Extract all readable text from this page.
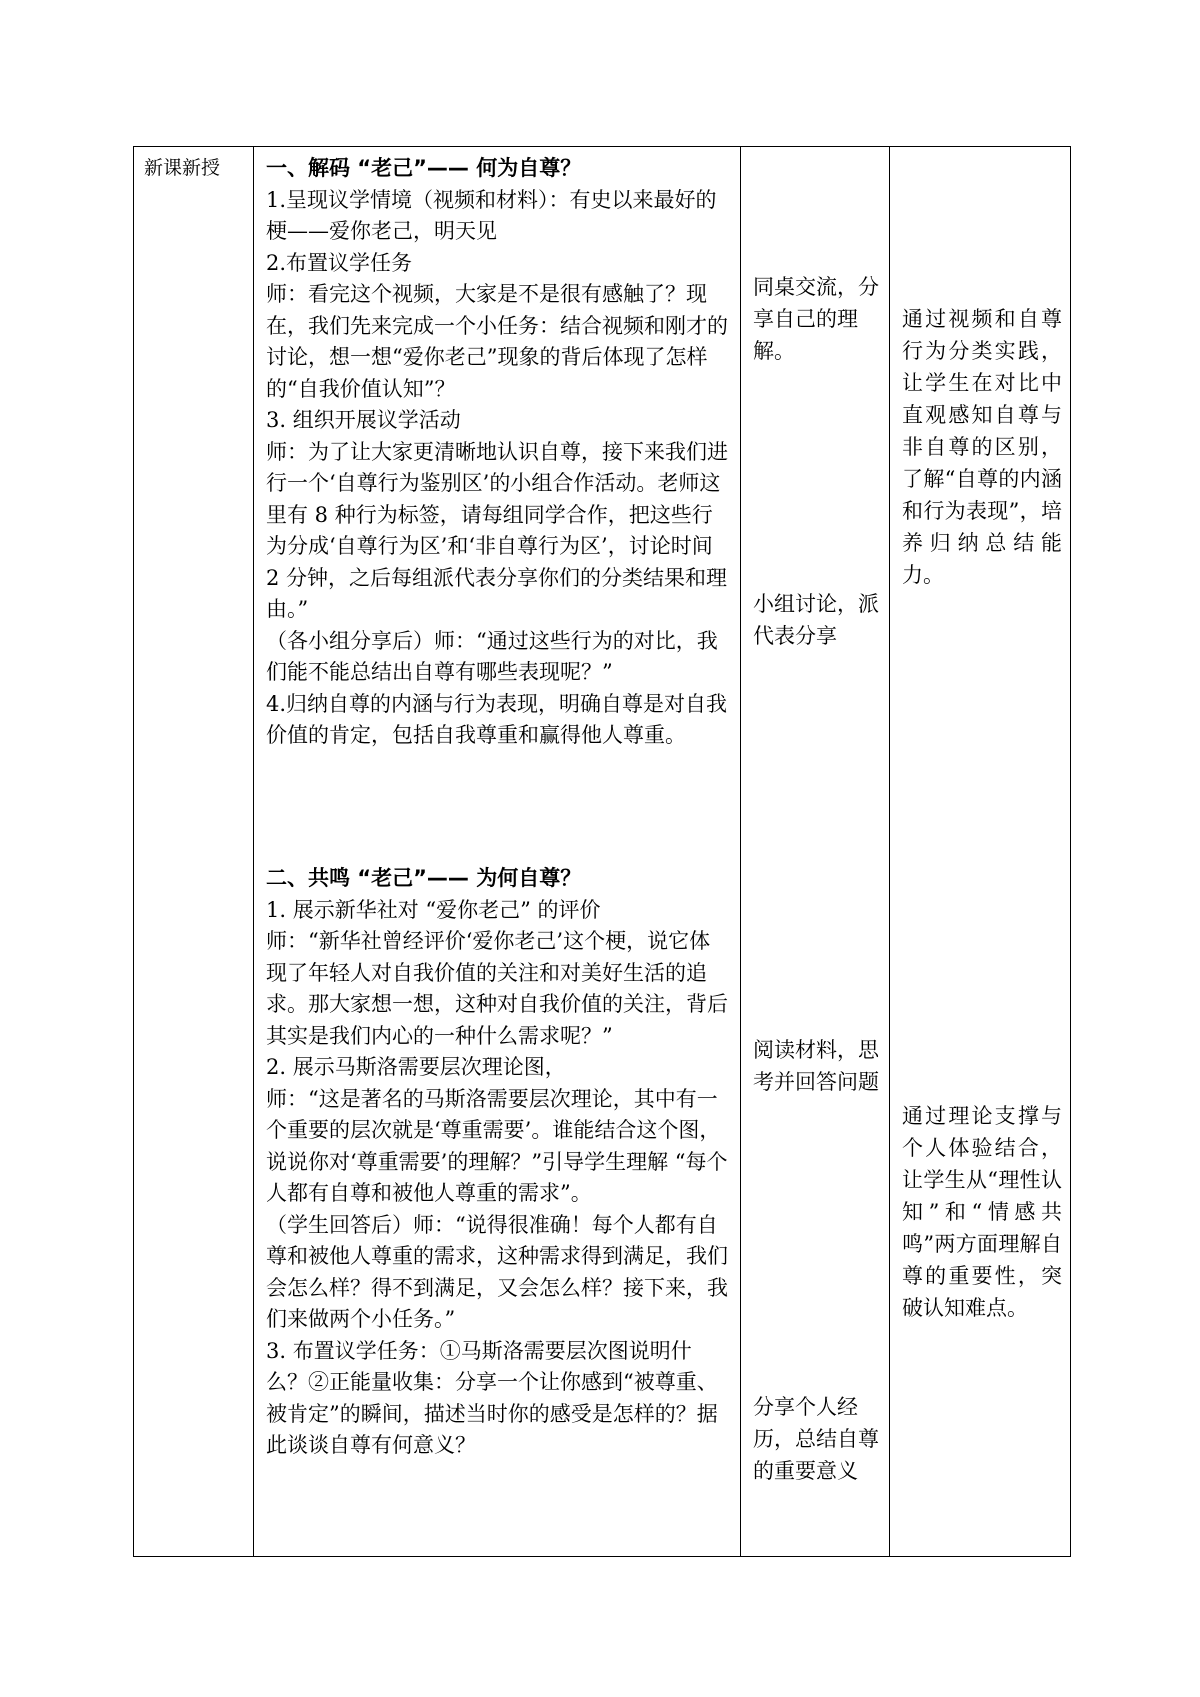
新课新授 一、解码 “老己”—— 何为自尊？

1.呈现议学情境（视频和材料）：有史以来最好的梗——爱你老己，明天见

2.布置议学任务

师：看完这个视频，大家是不是很有感触了？现在，我们先来完成一个小任务：结合视频和刚才的讨论，想一想“爱你老己”现象的背后体现了怎样的“自我价值认知”？

3. 组织开展议学活动

师：为了让大家更清晰地认识自尊，接下来我们进行一个‘自尊行为鉴别区’的小组合作活动。老师这里有 8 种行为标签，请每组同学合作，把这些行为分成‘自尊行为区’和‘非自尊行为区’，讨论时间 2 分钟，之后每组派代表分享你们的分类结果和理由。”

（各小组分享后）师：“通过这些行为的对比，我们能不能总结出自尊有哪些表现呢？”

4.归纳自尊的内涵与行为表现，明确自尊是对自我价值的肯定，包括自我尊重和赢得他人尊重。

二、共鸣 “老己”—— 为何自尊？

1. 展示新华社对 “爱你老己” 的评价

师：“新华社曾经评价‘爱你老己’这个梗，说它体现了年轻人对自我价值的关注和对美好生活的追求。那大家想一想，这种对自我价值的关注，背后其实是我们内心的一种什么需求呢？”

2. 展示马斯洛需要层次理论图，

师：“这是著名的马斯洛需要层次理论，其中有一个重要的层次就是‘尊重需要’。谁能结合这个图，说说你对‘尊重需要’的理解？”引导学生理解 “每个人都有自尊和被他人尊重的需求”。

（学生回答后）师：“说得很准确！每个人都有自尊和被他人尊重的需求，这种需求得到满足，我们会怎么样？得不到满足，又会怎么样？接下来，我们来做两个小任务。”

3. 布置议学任务：①马斯洛需要层次图说明什么？②正能量收集：分享一个让你感到“被尊重、被肯定”的瞬间，描述当时你的感受是怎样的？据此谈谈自尊有何意义？

同桌交流，分享自己的理解。

小组讨论，派代表分享

阅读材料，思考并回答问题

分享个人经历，总结自尊的重要意义

通过视频和自尊行为分类实践，让学生在对比中直观感知自尊与非自尊的区别，了解“自尊的内涵和行为表现”，培养归纳总结能力。

通过理论支撑与个人体验结合，让学生从“理性认知”和“情感共鸣”两方面理解自尊的重要性，突破认知难点。
